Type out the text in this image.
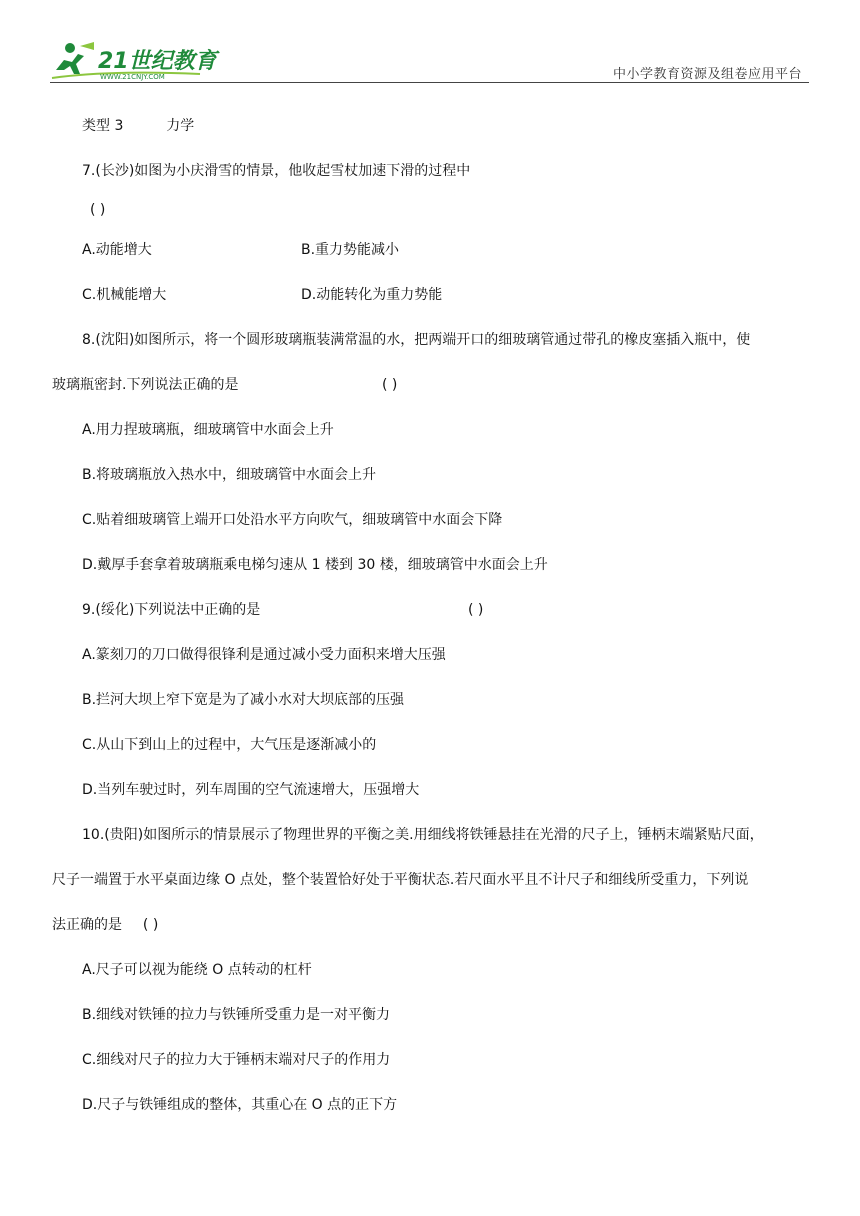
21世纪教育
WWW.21CNJY.COM	中小学教育资源及组卷应用平台
类型 3	力学
7.(长沙)如图为小庆滑雪的情景，他收起雪杖加速下滑的过程中
( )
A.动能增大	B.重力势能减小
C.机械能增大	D.动能转化为重力势能
8.(沈阳)如图所示，将一个圆形玻璃瓶装满常温的水，把两端开口的细玻璃管通过带孔的橡皮塞插入瓶中，使
玻璃瓶密封.下列说法正确的是	( )
A.用力捏玻璃瓶，细玻璃管中水面会上升
B.将玻璃瓶放入热水中，细玻璃管中水面会上升
C.贴着细玻璃管上端开口处沿水平方向吹气，细玻璃管中水面会下降
D.戴厚手套拿着玻璃瓶乘电梯匀速从 1 楼到 30 楼，细玻璃管中水面会上升
9.(绥化)下列说法中正确的是	( )
A.篆刻刀的刀口做得很锋利是通过减小受力面积来增大压强
B.拦河大坝上窄下宽是为了减小水对大坝底部的压强
C.从山下到山上的过程中，大气压是逐渐减小的
D.当列车驶过时，列车周围的空气流速增大，压强增大
10.(贵阳)如图所示的情景展示了物理世界的平衡之美.用细线将铁锤悬挂在光滑的尺子上，锤柄末端紧贴尺面，
尺子一端置于水平桌面边缘 O 点处，整个装置恰好处于平衡状态.若尺面水平且不计尺子和细线所受重力，下列说
法正确的是 ( )
A.尺子可以视为能绕 O 点转动的杠杆
B.细线对铁锤的拉力与铁锤所受重力是一对平衡力
C.细线对尺子的拉力大于锤柄末端对尺子的作用力
D.尺子与铁锤组成的整体，其重心在 O 点的正下方
